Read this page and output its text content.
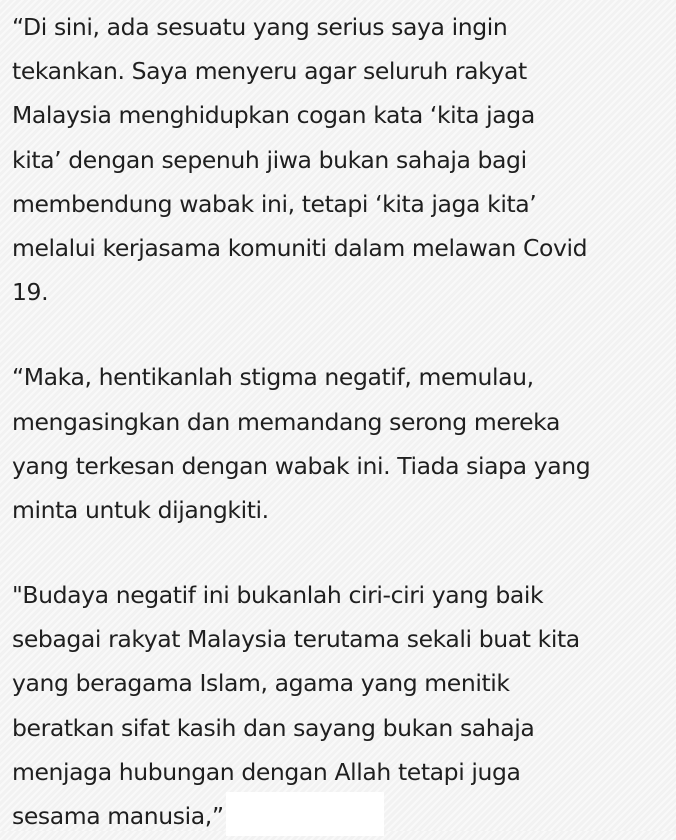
“Di sini, ada sesuatu yang serius saya ingin
tekankan. Saya menyeru agar seluruh rakyat
Malaysia menghidupkan cogan kata ‘kita jaga
kita’ dengan sepenuh jiwa bukan sahaja bagi
membendung wabak ini, tetapi ‘kita jaga kita’
melalui kerjasama komuniti dalam melawan Covid
19.

“Maka, hentikanlah stigma negatif, memulau,
mengasingkan dan memandang serong mereka
yang terkesan dengan wabak ini. Tiada siapa yang
minta untuk dijangkiti.

"Budaya negatif ini bukanlah ciri-ciri yang baik
sebagai rakyat Malaysia terutama sekali buat kita
yang beragama Islam, agama yang menitik
beratkan sifat kasih dan sayang bukan sahaja
menjaga hubungan dengan Allah tetapi juga
sesama manusia,”
